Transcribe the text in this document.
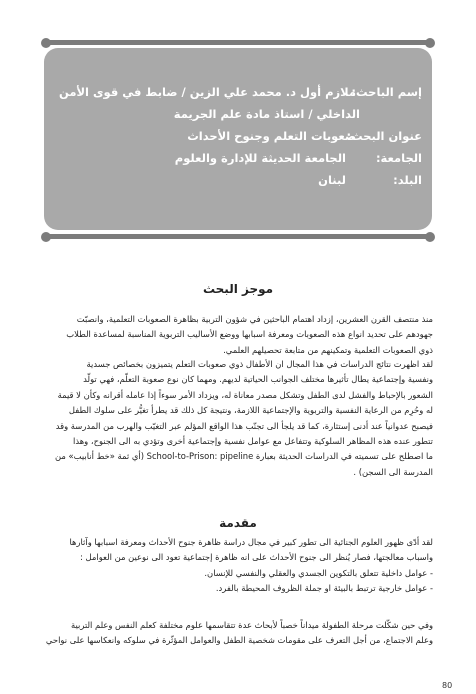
إسم الباحث: ملازم أول د. محمد علي الزين / ضابط في قوى الأمن
الداخلي / استاذ مادة علم الجريمة
عنوان البحث: صعوبات التعلم وجنوح الأحداث
الجامعة: الجامعة الحديثة للإدارة والعلوم
البلد: لبنان
موجز البحث
منذ منتصف القرن العشرين، إزداد اهتمام الباحثين في شؤون التربية بظاهرة الصعوبات التعلمية، وانصبّت
جهودهم على تحديد انواع هذه الصعوبات ومعرفة اسبابها ووضع الأساليب التربوية المناسبة لمساعدة الطلاب
ذوي الصعوبات التعلمية وتمكينهم من متابعة تحصيلهم العلمي.
لقد اظهرت نتائج الدراسات في هذا المجال ان الأطفال ذوي صعوبات التعلم يتميزون بخصائص جسدية
ونفسية وإجتماعية يطال تأثيرها مختلف الجوانب الحياتية لديهم. ومهما كان نوع صعوبة التعلّم، فهي تولّد
الشعور بالإحباط والفشل لدى الطفل وتشكل مصدر معاناة له، ويزداد الأمر سوءاً إذا عامله أقرانه وكأن لا قيمة
له وحُرِم من الرعاية النفسية والتربوية والإجتماعية اللازمة، ونتيجة كل ذلك قد يطرأ تغيُّر على سلوك الطفل
فيصبح عدوانياً عند أدنى إستثارة، كما قد يلجأ الى تجنّب هذا الواقع المؤلم عبر التغيّب والهرب من المدرسة وقد
تتطور عنده هذه المظاهر السلوكية وتتفاعل مع عوامل نفسية وإجتماعية أخرى وتؤدي به الى الجنوح، وهذا
ما اصطلح على تسميته في الدراسات الحديثة بعبارة School-to-Prison: pipeline (أي ثمة «خط أنابيب» من
المدرسة الى السجن) .
مقدمة
لقد أدّى ظهور العلوم الجنائية الى تطور كبير في مجال دراسة ظاهرة جنوح الأحداث ومعرفة اسبابها وآثارها
واسباب معالجتها، فصار يُنظر الى جنوح الأحداث على انه ظاهرة إجتماعية تعود الى نوعين من العوامل :
- عوامل داخلية تتعلق بالتكوين الجسدي والعقلي والنفسي للإنسان.
- عوامل خارجية ترتبط بالبيئة او جملة الظروف المحيطة بالفرد.
وفي حين شكّلت مرحلة الطفولة ميداناً خصباً لأبحاث عدة تتقاسمها علوم مختلفة كعلم النفس وعلم التربية
وعلم الاجتماع، من أجل التعرف على مقومات شخصية الطفل والعوامل المؤثّرة في سلوكه وانعكاسها على نواحي
80
